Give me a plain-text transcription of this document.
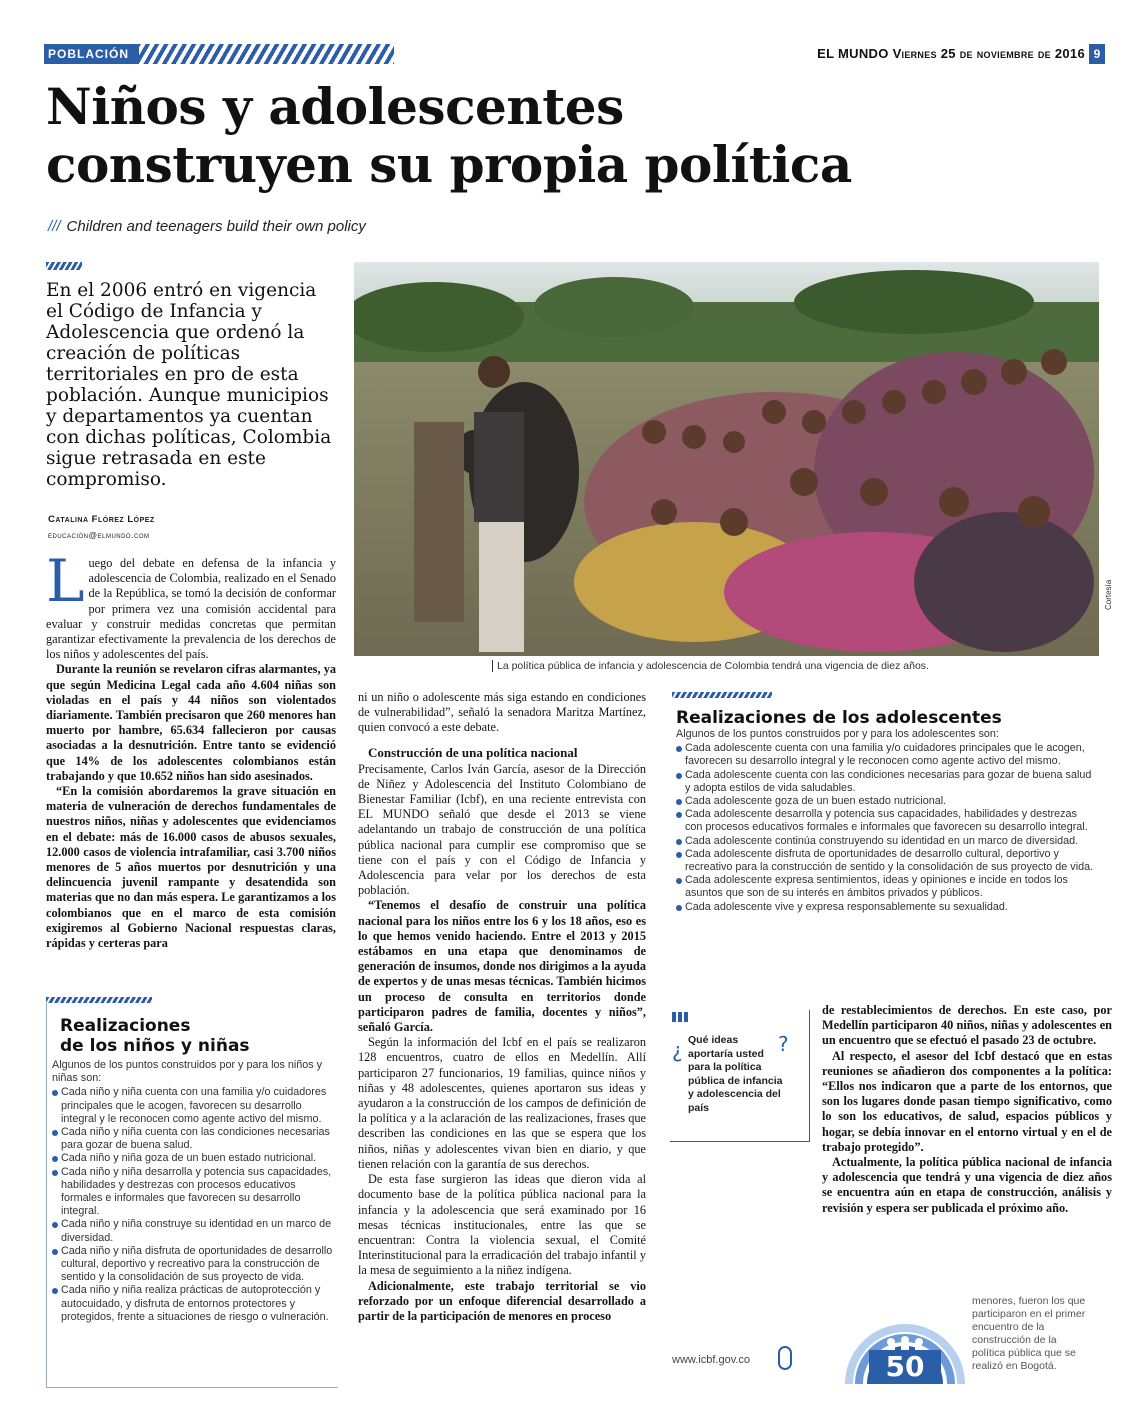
POBLACIÓN	EL MUNDO Viernes 25 de noviembre de 2016 9
Niños y adolescentes
construyen su propia política
/// Children and teenagers build their own policy
En el 2006 entró en vigencia el Código de Infancia y Adolescencia que ordenó la creación de políticas territoriales en pro de esta población. Aunque municipios y departamentos ya cuentan con dichas políticas, Colombia sigue retrasada en este compromiso.
Catalina Flórez López
educación@elmundo.com

Luego del debate en defensa de la infancia y adolescencia de Colombia, realizado en el Senado de la República, se tomó la decisión de conformar por primera vez una comisión accidental para evaluar y construir medidas concretas que permitan garantizar efectivamente la prevalencia de los derechos de los niños y adolescentes del país.

Durante la reunión se revelaron cifras alarmantes, ya que según Medicina Legal cada año 4.604 niñas son violadas en el país y 44 niños son violentados diariamente. También precisaron que 260 menores han muerto por hambre, 65.634 fallecieron por causas asociadas a la desnutrición. Entre tanto se evidenció que 14% de los adolescentes colombianos están trabajando y que 10.652 niños han sido asesinados.

“En la comisión abordaremos la grave situación en materia de vulneración de derechos fundamentales de nuestros niños, niñas y adolescentes que evidenciamos en el debate: más de 16.000 casos de abusos sexuales, 12.000 casos de violencia intrafamiliar, casi 3.700 niños menores de 5 años muertos por desnutrición y una delincuencia juvenil rampante y desatendida son materias que no dan más espera. Le garantizamos a los colombianos que en el marco de esta comisión exigiremos al Gobierno Nacional respuestas claras, rápidas y certeras para

Realizaciones
de los niños y niñas
Algunos de los puntos construidos por y para los niños y niñas son:
Cada niño y niña cuenta con una familia y/o cuidadores principales que le acogen, favorecen su desarrollo integral y le reconocen como agente activo del mismo.
Cada niño y niña cuenta con las condiciones necesarias para gozar de buena salud.
Cada niño y niña goza de un buen estado nutricional.
Cada niño y niña desarrolla y potencia sus capacidades, habilidades y destrezas con procesos educativos formales e informales que favorecen su desarrollo integral.
Cada niño y niña construye su identidad en un marco de diversidad.
Cada niño y niña disfruta de oportunidades de desarrollo cultural, deportivo y recreativo para la construcción de sentido y la consolidación de sus proyecto de vida.
Cada niño y niña realiza prácticas de autoprotección y autocuidado, y disfruta de entornos protectores y protegidos, frente a situaciones de riesgo o vulneración.
Cortesía
La política pública de infancia y adolescencia de Colombia tendrá una vigencia de diez años.

ni un niño o adolescente más siga estando en condiciones de vulnerabilidad”, señaló la senadora Maritza Martínez, quien convocó a este debate.

Construcción de una política nacional

Precisamente, Carlos Iván García, asesor de la Dirección de Niñez y Adolescencia del Instituto Colombiano de Bienestar Familiar (Icbf), en una reciente entrevista con EL MUNDO señaló que desde el 2013 se viene adelantando un trabajo de construcción de una política pública nacional para cumplir ese compromiso que se tiene con el país y con el Código de Infancia y Adolescencia para velar por los derechos de esta población.

“Tenemos el desafío de construir una política nacional para los niños entre los 6 y los 18 años, eso es lo que hemos venido haciendo. Entre el 2013 y 2015 estábamos en una etapa que denominamos de generación de insumos, donde nos dirigimos a la ayuda de expertos y de unas mesas técnicas. También hicimos un proceso de consulta en territorios donde participaron padres de familia, docentes y niños”, señaló García.

Según la información del Icbf en el país se realizaron 128 encuentros, cuatro de ellos en Medellín. Allí participaron 27 funcionarios, 19 familias, quince niños y niñas y 48 adolescentes, quienes aportaron sus ideas y ayudaron a la construcción de los campos de definición de la política y a la aclaración de las realizaciones, frases que describen las condiciones en las que se espera que los niños, niñas y adolescentes vivan bien en diario, y que tienen relación con la garantía de sus derechos.

De esta fase surgieron las ideas que dieron vida al documento base de la política pública nacional para la infancia y la adolescencia que será examinado por 16 mesas técnicas institucionales, entre las que se encuentran: Contra la violencia sexual, el Comité Interinstitucional para la erradicación del trabajo infantil y la mesa de seguimiento a la niñez indígena.

Adicionalmente, este trabajo territorial se vio reforzado por un enfoque diferencial desarrollado a partir de la participación de menores en proceso

Realizaciones de los adolescentes
Algunos de los puntos construidos por y para los adolescentes son:
Cada adolescente cuenta con una familia y/o cuidadores principales que le acogen, favorecen su desarrollo integral y le reconocen como agente activo del mismo.
Cada adolescente cuenta con las condiciones necesarias para gozar de buena salud y adopta estilos de vida saludables.
Cada adolescente goza de un buen estado nutricional.
Cada adolescente desarrolla y potencia sus capacidades, habilidades y destrezas con procesos educativos formales e informales que favorecen su desarrollo integral.
Cada adolescente continúa construyendo su identidad en un marco de diversidad.
Cada adolescente disfruta de oportunidades de desarrollo cultural, deportivo y recreativo para la construcción de sentido y la consolidación de sus proyecto de vida.
Cada adolescente expresa sentimientos, ideas y opiniones e incide en todos los asuntos que son de su interés en ámbitos privados y públicos.
Cada adolescente vive y expresa responsablemente su sexualidad.
¿	?
Qué ideas aportaría usted para la política pública de infancia y adolescencia del país

de restablecimientos de derechos. En este caso, por Medellín participaron 40 niños, niñas y adolescentes en un encuentro que se efectuó el pasado 23 de octubre.

Al respecto, el asesor del Icbf destacó que en estas reuniones se añadieron dos componentes a la política: “Ellos nos indicaron que a parte de los entornos, que son los lugares donde pasan tiempo significativo, como lo son los educativos, de salud, espacios públicos y hogar, se debía innovar en el entorno virtual y en el de trabajo protegido”.

Actualmente, la política pública nacional de infancia y adolescencia que tendrá y una vigencia de diez años se encuentra aún en etapa de construcción, análisis y revisión y espera ser publicada el próximo año.

50
menores, fueron los que participaron en el primer encuentro de la construcción de la política pública que se realizó en Bogotá.
www.icbf.gov.co
